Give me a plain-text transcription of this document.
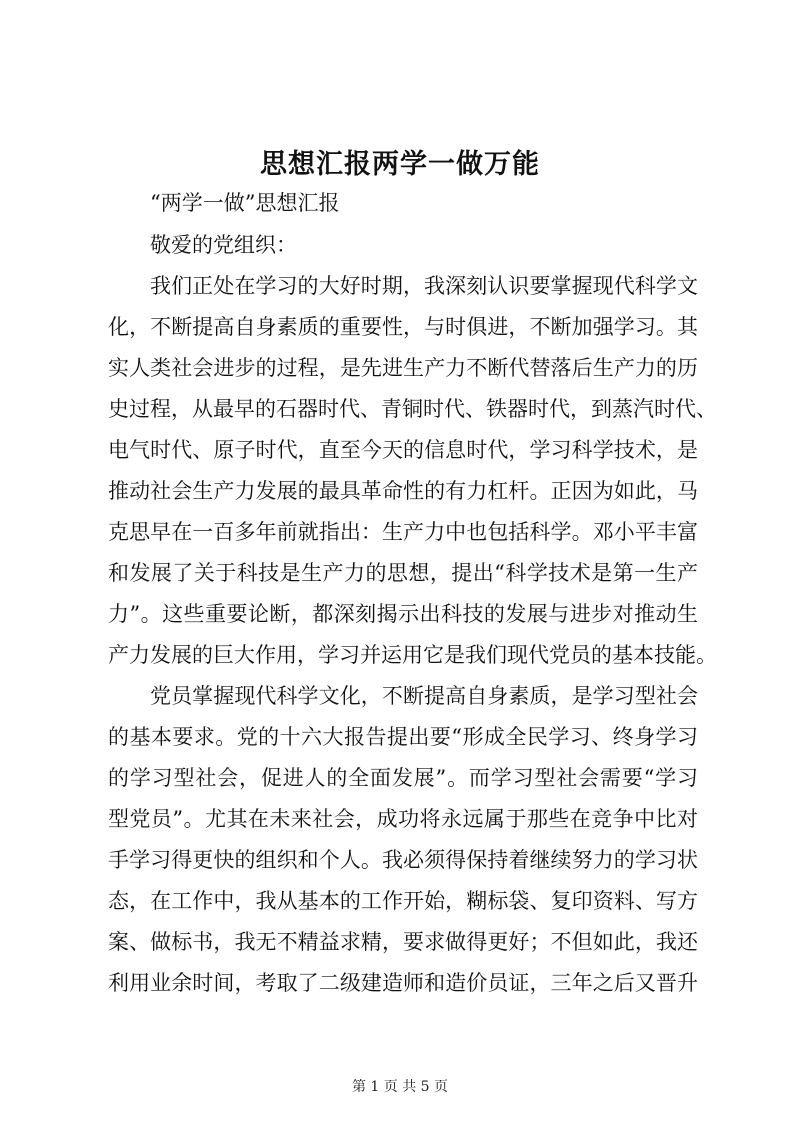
思想汇报两学一做万能

“两学一做”思想汇报

敬爱的党组织：

我们正处在学习的大好时期，我深刻认识要掌握现代科学文

化，不断提高自身素质的重要性，与时俱进，不断加强学习。其

实人类社会进步的过程，是先进生产力不断代替落后生产力的历

史过程，从最早的石器时代、青铜时代、铁器时代，到蒸汽时代、

电气时代、原子时代，直至今天的信息时代，学习科学技术，是

推动社会生产力发展的最具革命性的有力杠杆。正因为如此，马

克思早在一百多年前就指出：生产力中也包括科学。邓小平丰富

和发展了关于科技是生产力的思想，提出“科学技术是第一生产

力”。这些重要论断，都深刻揭示出科技的发展与进步对推动生

产力发展的巨大作用，学习并运用它是我们现代党员的基本技能。

党员掌握现代科学文化，不断提高自身素质，是学习型社会

的基本要求。党的十六大报告提出要“形成全民学习、终身学习

的学习型社会，促进人的全面发展”。而学习型社会需要“学习

型党员”。尤其在未来社会，成功将永远属于那些在竞争中比对

手学习得更快的组织和个人。我必须得保持着继续努力的学习状

态，在工作中，我从基本的工作开始，糊标袋、复印资料、写方

案、做标书，我无不精益求精，要求做得更好；不但如此，我还

利用业余时间，考取了二级建造师和造价员证，三年之后又晋升

第 1 页 共 5 页
